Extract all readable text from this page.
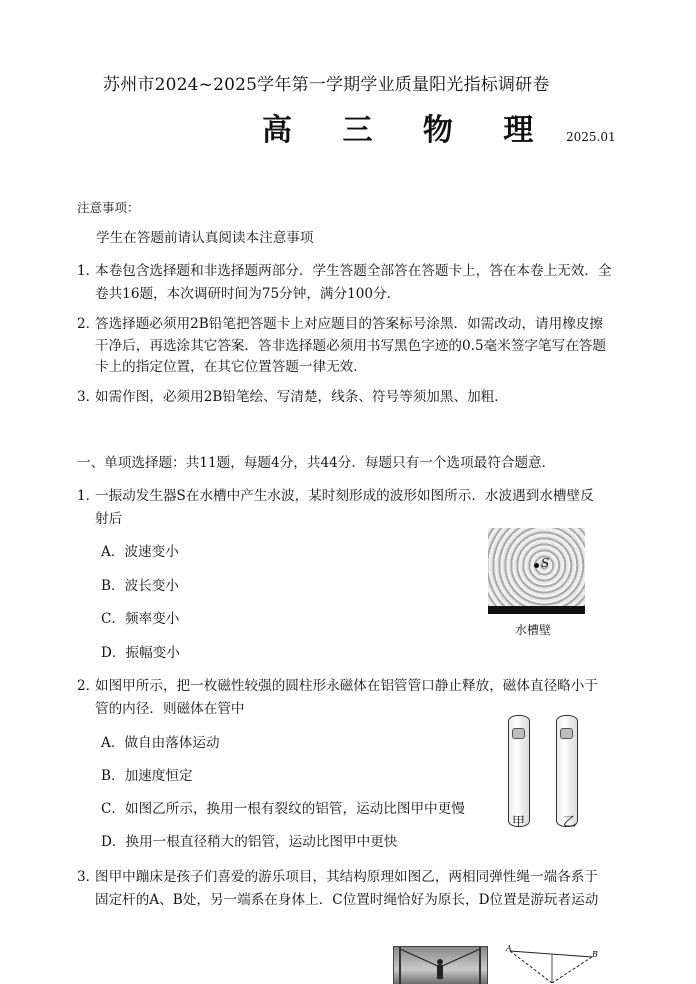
苏州市2024~2025学年第一学期学业质量阳光指标调研卷
高 三 物 理 2025.01
注意事项：
学生在答题前请认真阅读本注意事项
1．
本卷包含选择题和非选择题两部分．学生答题全部答在答题卡上，答在本卷上无效．全
卷共16题，本次调研时间为75分钟，满分100分．
2．
答选择题必须用2B铅笔把答题卡上对应题目的答案标号涂黑．如需改动，请用橡皮擦
干净后，再选涂其它答案．答非选择题必须用书写黑色字迹的0.5毫米签字笔写在答题
卡上的指定位置，在其它位置答题一律无效．
3．
如需作图，必须用2B铅笔绘、写清楚，线条、符号等须加黑、加粗．
一、单项选择题：共11题，每题4分，共44分．每题只有一个选项最符合题意．
1．
一振动发生器S在水槽中产生水波，某时刻形成的波形如图所示．水波遇到水槽壁反
射后
A．波速变小
B．波长变小
C．频率变小
D．振幅变小
S
水槽壁
2．
如图甲所示，把一枚磁性较强的圆柱形永磁体在铝管管口静止释放，磁体直径略小于
管的内径．则磁体在管中
A．做自由落体运动
B．加速度恒定
C．如图乙所示，换用一根有裂纹的铝管，运动比图甲中更慢
D．换用一根直径稍大的铝管，运动比图甲中更快
甲	乙
3．
图甲中蹦床是孩子们喜爱的游乐项目，其结构原理如图乙，两相同弹性绳一端各系于
固定杆的A、B处，另一端系在身体上．C位置时绳恰好为原长，D位置是游玩者运动
A
B
